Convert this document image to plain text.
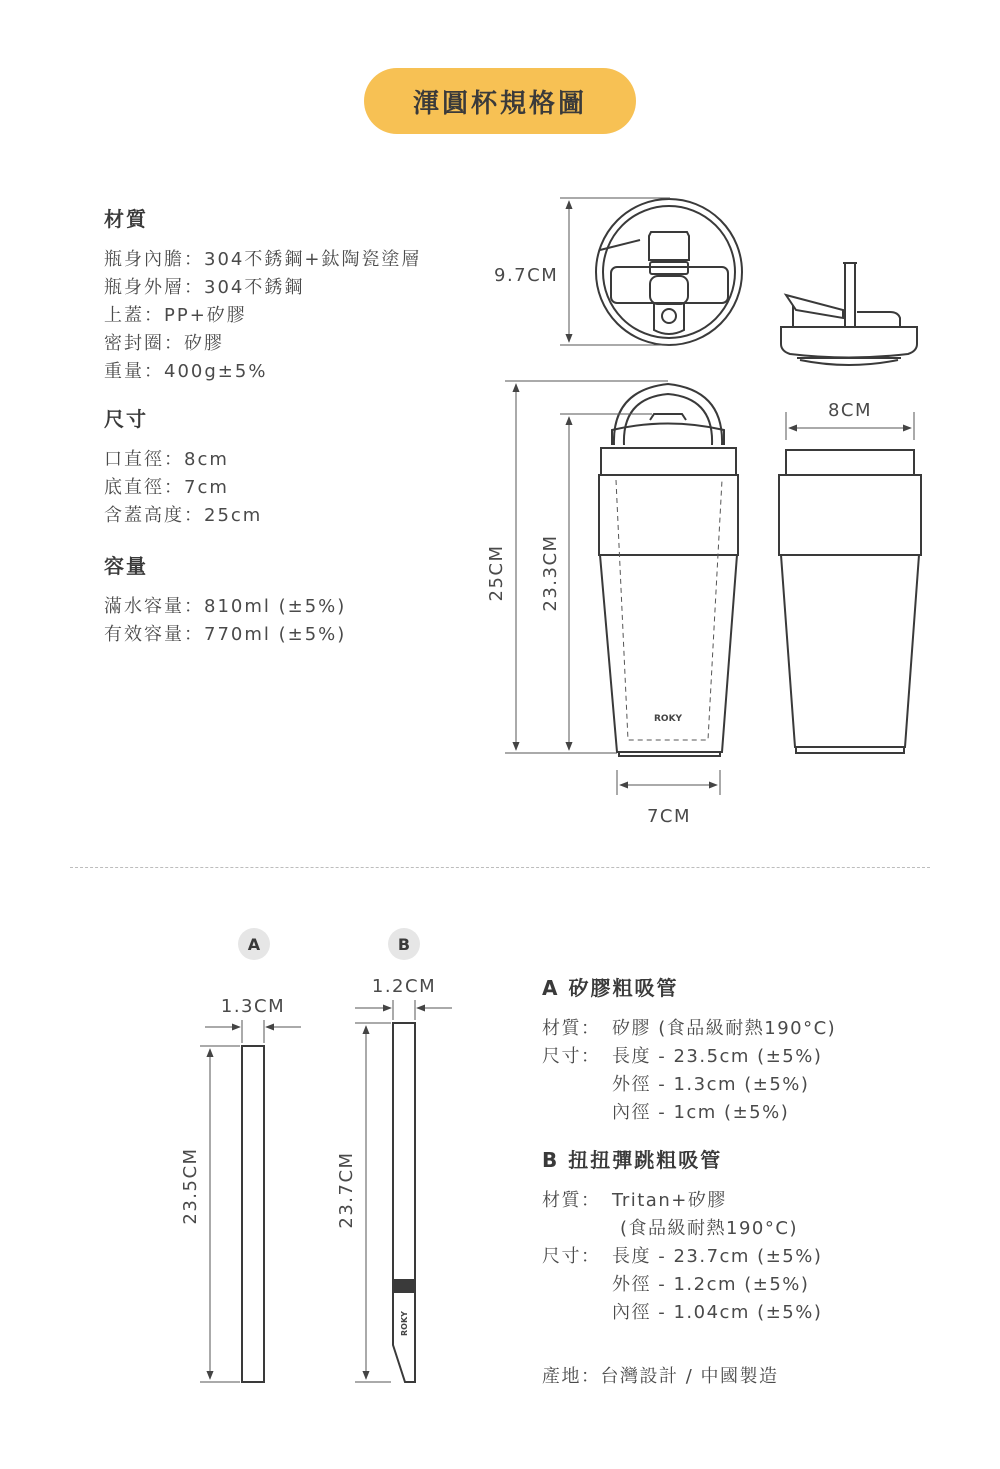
渾圓杯規格圖
材質
瓶身內膽：304不銹鋼+鈦陶瓷塗層
瓶身外層：304不銹鋼
上蓋：PP+矽膠
密封圈：矽膠
重量：400g±5%
尺寸
口直徑：8cm
底直徑：7cm
含蓋高度：25cm
容量
滿水容量：810ml (±5%)
有效容量：770ml (±5%)
ROKY
9.7CM
25CM 23.3CM
8CM
7CM
A	B
ROKY
1.3CM
1.2CM
23.5CM	23.7CM
A 矽膠粗吸管
材質： 矽膠 (食品級耐熱190°C)
尺寸： 長度 - 23.5cm (±5%)
外徑 - 1.3cm (±5%)
內徑 - 1cm (±5%)
B 扭扭彈跳粗吸管
材質： Tritan+矽膠
(食品級耐熱190°C)
尺寸： 長度 - 23.7cm (±5%)
外徑 - 1.2cm (±5%)
內徑 - 1.04cm (±5%)
產地：台灣設計 / 中國製造
